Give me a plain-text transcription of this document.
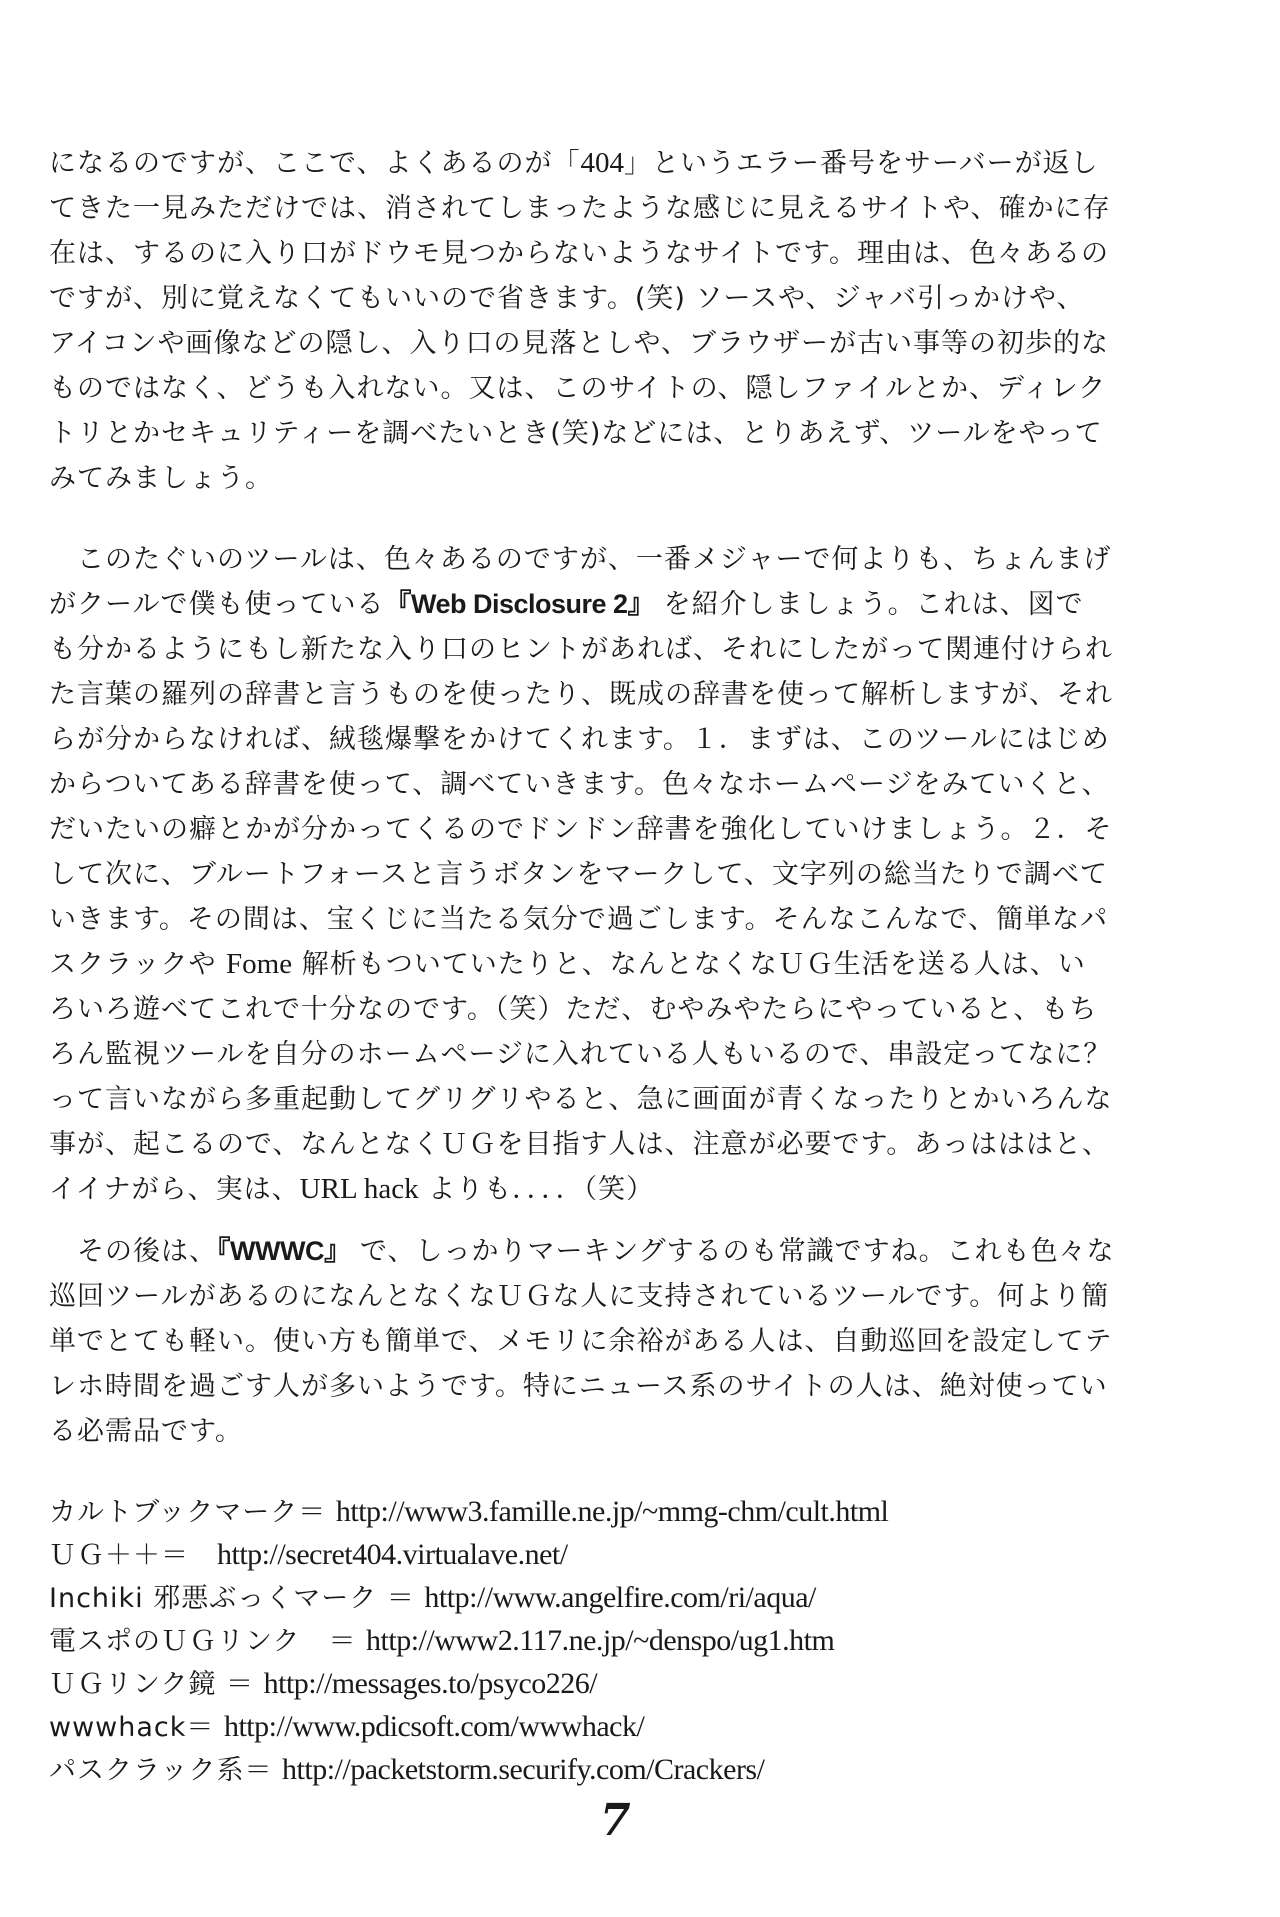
になるのですが、ここで、よくあるのが「404」というエラー番号をサーバーが返し
てきた一見みただけでは、消されてしまったような感じに見えるサイトや、確かに存
在は、するのに入り口がドウモ見つからないようなサイトです。理由は、色々あるの
ですが、別に覚えなくてもいいので省きます。(笑) ソースや、ジャバ引っかけや、
アイコンや画像などの隠し、入り口の見落としや、ブラウザーが古い事等の初歩的な
ものではなく、どうも入れない。又は、このサイトの、隠しファイルとか、ディレク
トリとかセキュリティーを調べたいとき(笑)などには、とりあえず、ツールをやって
みてみましょう。
　このたぐいのツールは、色々あるのですが、一番メジャーで何よりも、ちょんまげ
がクールで僕も使っている『Web Disclosure 2』 を紹介しましょう。これは、図で
も分かるようにもし新たな入り口のヒントがあれば、それにしたがって関連付けられ
た言葉の羅列の辞書と言うものを使ったり、既成の辞書を使って解析しますが、それ
らが分からなければ、絨毯爆撃をかけてくれます。１．まずは、このツールにはじめ
からついてある辞書を使って、調べていきます。色々なホームページをみていくと、
だいたいの癖とかが分かってくるのでドンドン辞書を強化していけましょう。２．そ
して次に、ブルートフォースと言うボタンをマークして、文字列の総当たりで調べて
いきます。その間は、宝くじに当たる気分で過ごします。そんなこんなで、簡単なパ
スクラックや Fome 解析もついていたりと、なんとなくなＵＧ生活を送る人は、い
ろいろ遊べてこれで十分なのです。（笑）ただ、むやみやたらにやっていると、もち
ろん監視ツールを自分のホームページに入れている人もいるので、串設定ってなに？
って言いながら多重起動してグリグリやると、急に画面が青くなったりとかいろんな
事が、起こるので、なんとなくＵＧを目指す人は、注意が必要です。あっはははと、
イイナがら、実は、URL hack よりも．．．．（笑）
　その後は、『WWWC』 で、しっかりマーキングするのも常識ですね。これも色々な
巡回ツールがあるのになんとなくなＵＧな人に支持されているツールです。何より簡
単でとても軽い。使い方も簡単で、メモリに余裕がある人は、自動巡回を設定してテ
レホ時間を過ごす人が多いようです。特にニュース系のサイトの人は、絶対使ってい
る必需品です。
カルトブックマーク＝ http://www3.famille.ne.jp/~mmg-chm/cult.html
ＵＧ＋＋＝　http://secret404.virtualave.net/
Inchiki 邪悪ぶっくマーク ＝ http://www.angelfire.com/ri/aqua/
電スポのＵＧリンク　＝ http://www2.117.ne.jp/~denspo/ug1.htm
ＵＧリンク鏡 ＝ http://messages.to/psyco226/
wwwhack＝ http://www.pdicsoft.com/wwwhack/
パスクラック系＝ http://packetstorm.securify.com/Crackers/
7
